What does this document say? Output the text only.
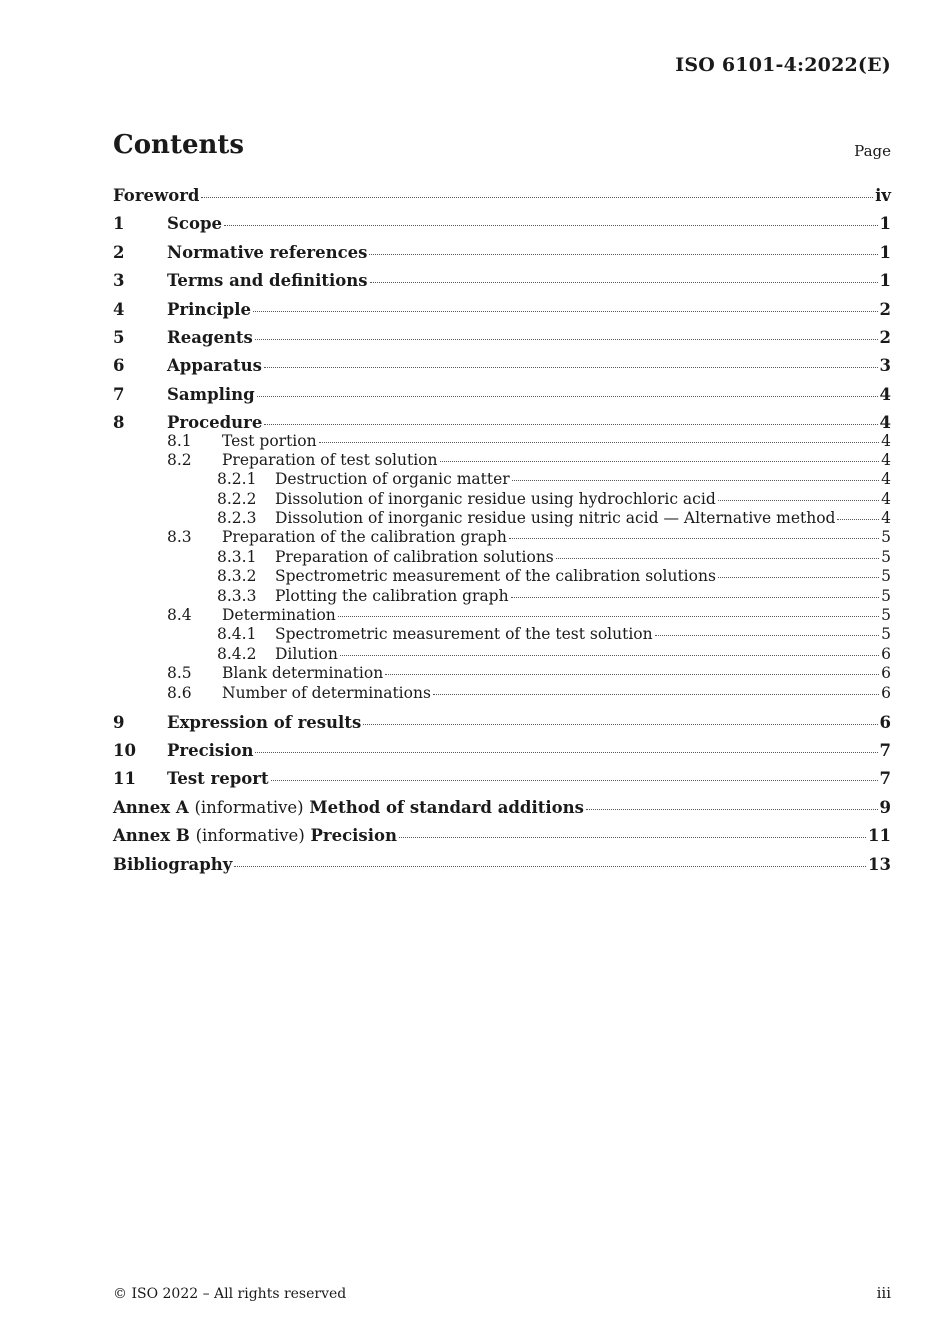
ISO 6101-4:2022(E)
Contents	Page
Foreword	iv
1	Scope	1
2	Normative references	1
3	Terms and definitions	1
4	Principle	2
5	Reagents	2
6	Apparatus	3
7	Sampling	4
8	Procedure	4
8.1	Test portion	4
8.2	Preparation of test solution	4
8.2.1	Destruction of organic matter	4
8.2.2	Dissolution of inorganic residue using hydrochloric acid	4
8.2.3	Dissolution of inorganic residue using nitric acid — Alternative method	4
8.3	Preparation of the calibration graph	5
8.3.1	Preparation of calibration solutions	5
8.3.2	Spectrometric measurement of the calibration solutions	5
8.3.3	Plotting the calibration graph	5
8.4	Determination	5
8.4.1	Spectrometric measurement of the test solution	5
8.4.2	Dilution	6
8.5	Blank determination	6
8.6	Number of determinations	6
9	Expression of results	6
10	Precision	7
11	Test report	7
Annex A (informative) Method of standard additions	9
Annex B (informative) Precision	11
Bibliography	13
© ISO 2022 – All rights reserved	iii
